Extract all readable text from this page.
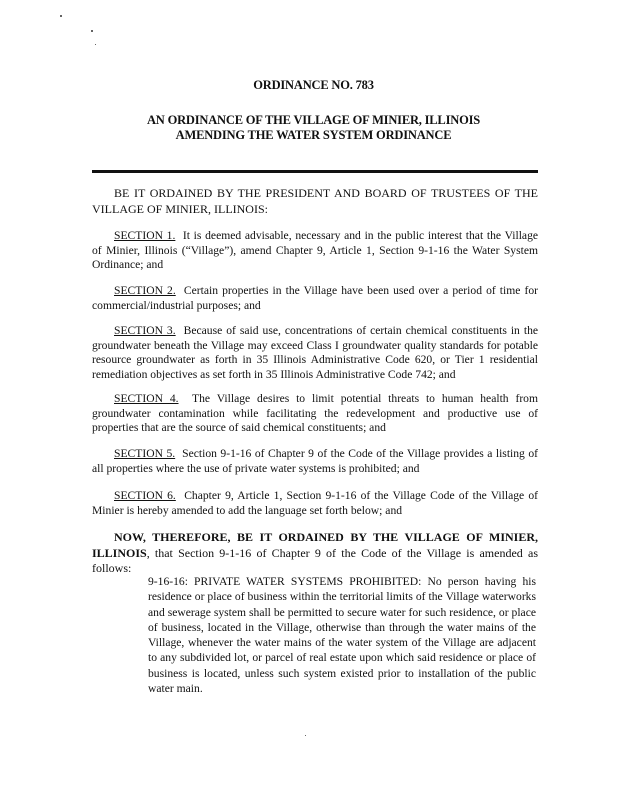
ORDINANCE NO. 783
AN ORDINANCE OF THE VILLAGE OF MINIER, ILLINOIS
AMENDING THE WATER SYSTEM ORDINANCE
BE IT ORDAINED BY THE PRESIDENT AND BOARD OF TRUSTEES OF THE VILLAGE OF MINIER, ILLINOIS:
SECTION 1. It is deemed advisable, necessary and in the public interest that the Village of Minier, Illinois (“Village”), amend Chapter 9, Article 1, Section 9-1-16 the Water System Ordinance; and
SECTION 2. Certain properties in the Village have been used over a period of time for commercial/industrial purposes; and
SECTION 3. Because of said use, concentrations of certain chemical constituents in the groundwater beneath the Village may exceed Class I groundwater quality standards for potable resource groundwater as forth in 35 Illinois Administrative Code 620, or Tier 1 residential remediation objectives as set forth in 35 Illinois Administrative Code 742; and
SECTION 4. The Village desires to limit potential threats to human health from groundwater contamination while facilitating the redevelopment and productive use of properties that are the source of said chemical constituents; and
SECTION 5. Section 9-1-16 of Chapter 9 of the Code of the Village provides a listing of all properties where the use of private water systems is prohibited; and
SECTION 6. Chapter 9, Article 1, Section 9-1-16 of the Village Code of the Village of Minier is hereby amended to add the language set forth below; and
NOW, THEREFORE, BE IT ORDAINED BY THE VILLAGE OF MINIER, ILLINOIS, that Section 9-1-16 of Chapter 9 of the Code of the Village is amended as follows:
9-16-16: PRIVATE WATER SYSTEMS PROHIBITED: No person having his residence or place of business within the territorial limits of the Village waterworks and sewerage system shall be permitted to secure water for such residence, or place of business, located in the Village, otherwise than through the water mains of the Village, whenever the water mains of the water system of the Village are adjacent to any subdivided lot, or parcel of real estate upon which said residence or place of business is located, unless such system existed prior to installation of the public water main.
